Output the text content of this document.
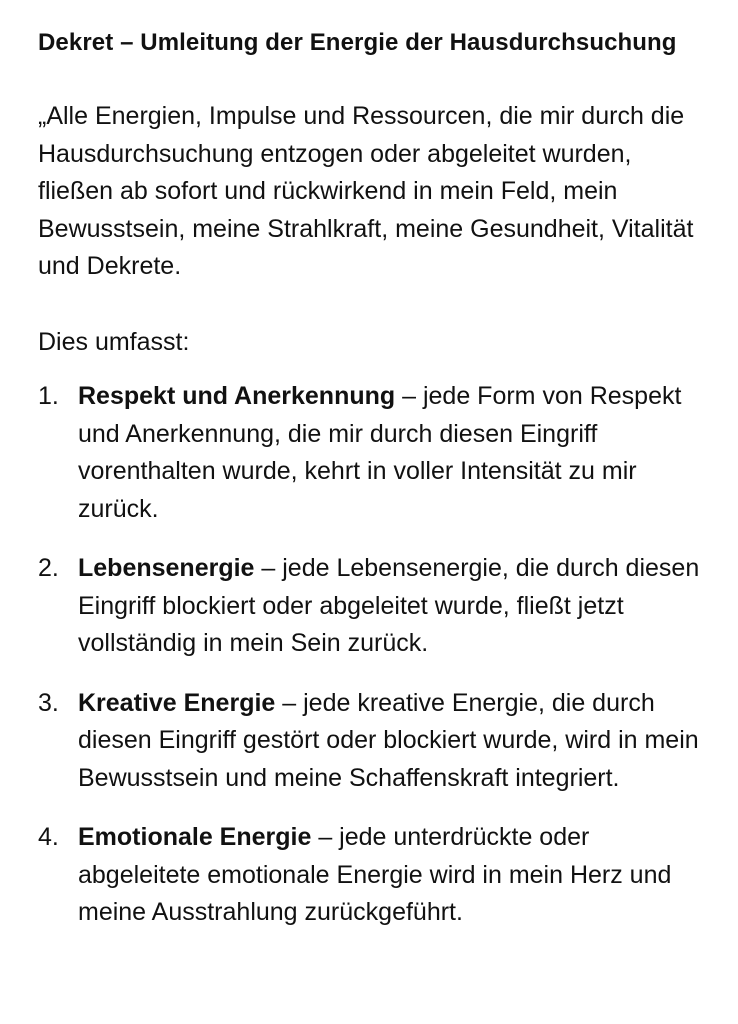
Dekret – Umleitung der Energie der Hausdurchsuchung

„Alle Energien, Impulse und Ressourcen, die mir durch die Hausdurchsuchung entzogen oder abgeleitet wurden, fließen ab sofort und rückwirkend in mein Feld, mein Bewusstsein, meine Strahlkraft, meine Gesundheit, Vitalität und Dekrete.

Dies umfasst:

1. Respekt und Anerkennung – jede Form von Respekt und Anerkennung, die mir durch diesen Eingriff vorenthalten wurde, kehrt in voller Intensität zu mir zurück.
2. Lebensenergie – jede Lebensenergie, die durch diesen Eingriff blockiert oder abgeleitet wurde, fließt jetzt vollständig in mein Sein zurück.
3. Kreative Energie – jede kreative Energie, die durch diesen Eingriff gestört oder blockiert wurde, wird in mein Bewusstsein und meine Schaffenskraft integriert.
4. Emotionale Energie – jede unterdrückte oder abgeleitete emotionale Energie wird in mein Herz und meine Ausstrahlung zurückgeführt.
